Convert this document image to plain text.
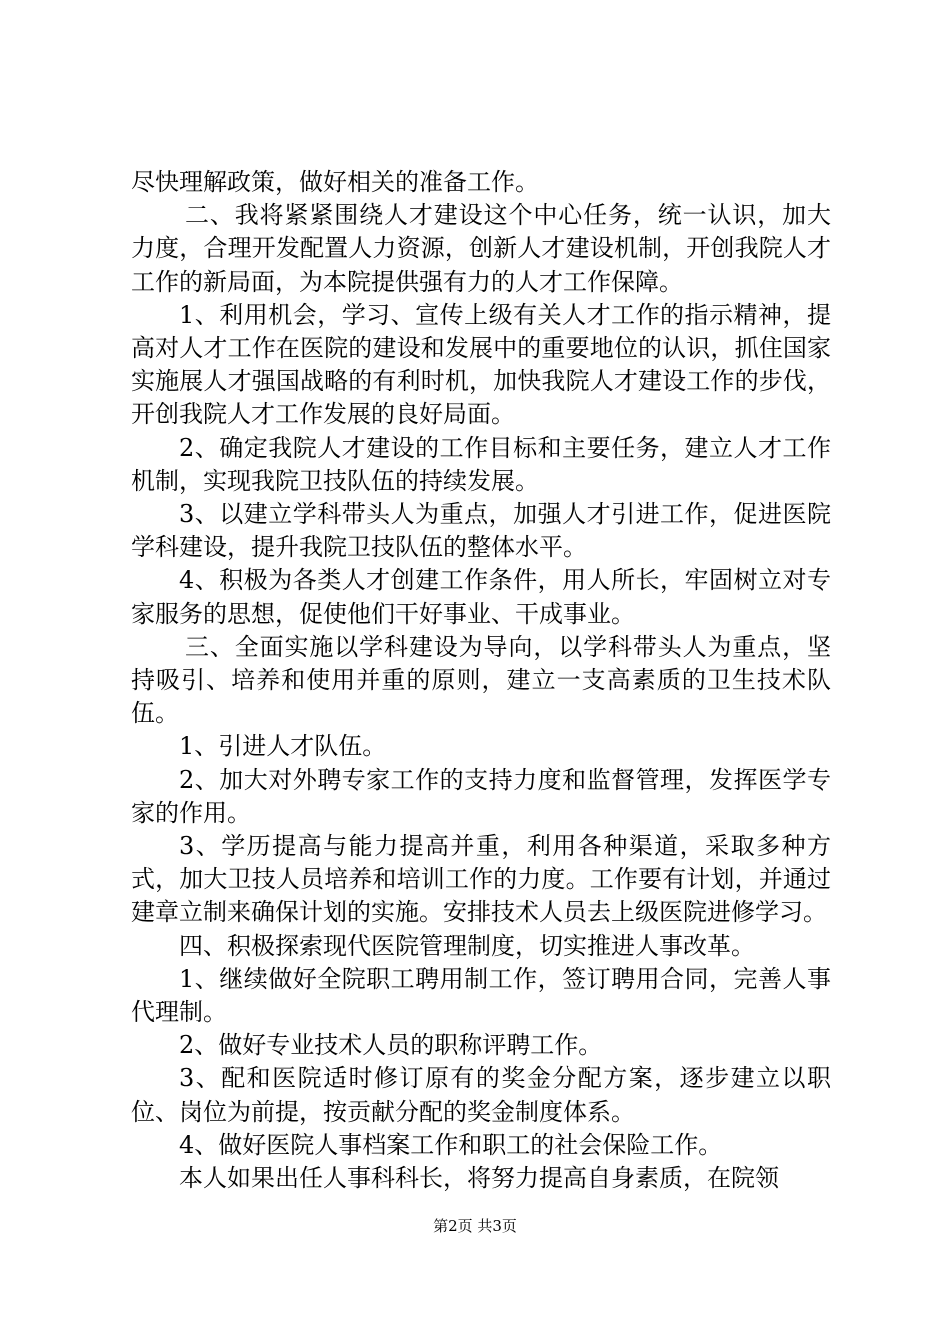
尽快理解政策，做好相关的准备工作。

二、我将紧紧围绕人才建设这个中心任务，统一认识，加大力度，合理开发配置人力资源，创新人才建设机制，开创我院人才工作的新局面，为本院提供强有力的人才工作保障。

1、利用机会，学习、宣传上级有关人才工作的指示精神，提高对人才工作在医院的建设和发展中的重要地位的认识，抓住国家实施展人才强国战略的有利时机，加快我院人才建设工作的步伐，开创我院人才工作发展的良好局面。

2、确定我院人才建设的工作目标和主要任务，建立人才工作机制，实现我院卫技队伍的持续发展。

3、以建立学科带头人为重点，加强人才引进工作，促进医院学科建设，提升我院卫技队伍的整体水平。

4、积极为各类人才创建工作条件，用人所长，牢固树立对专家服务的思想，促使他们干好事业、干成事业。

三、全面实施以学科建设为导向，以学科带头人为重点，坚持吸引、培养和使用并重的原则，建立一支高素质的卫生技术队伍。

1、引进人才队伍。

2、加大对外聘专家工作的支持力度和监督管理，发挥医学专家的作用。

3、学历提高与能力提高并重，利用各种渠道，采取多种方式，加大卫技人员培养和培训工作的力度。工作要有计划，并通过建章立制来确保计划的实施。安排技术人员去上级医院进修学习。

四、积极探索现代医院管理制度，切实推进人事改革。

1、继续做好全院职工聘用制工作，签订聘用合同，完善人事代理制。

2、做好专业技术人员的职称评聘工作。

3、配和医院适时修订原有的奖金分配方案，逐步建立以职位、岗位为前提，按贡献分配的奖金制度体系。

4、做好医院人事档案工作和职工的社会保险工作。

本人如果出任人事科科长，将努力提高自身素质，在院领

第2页 共3页
